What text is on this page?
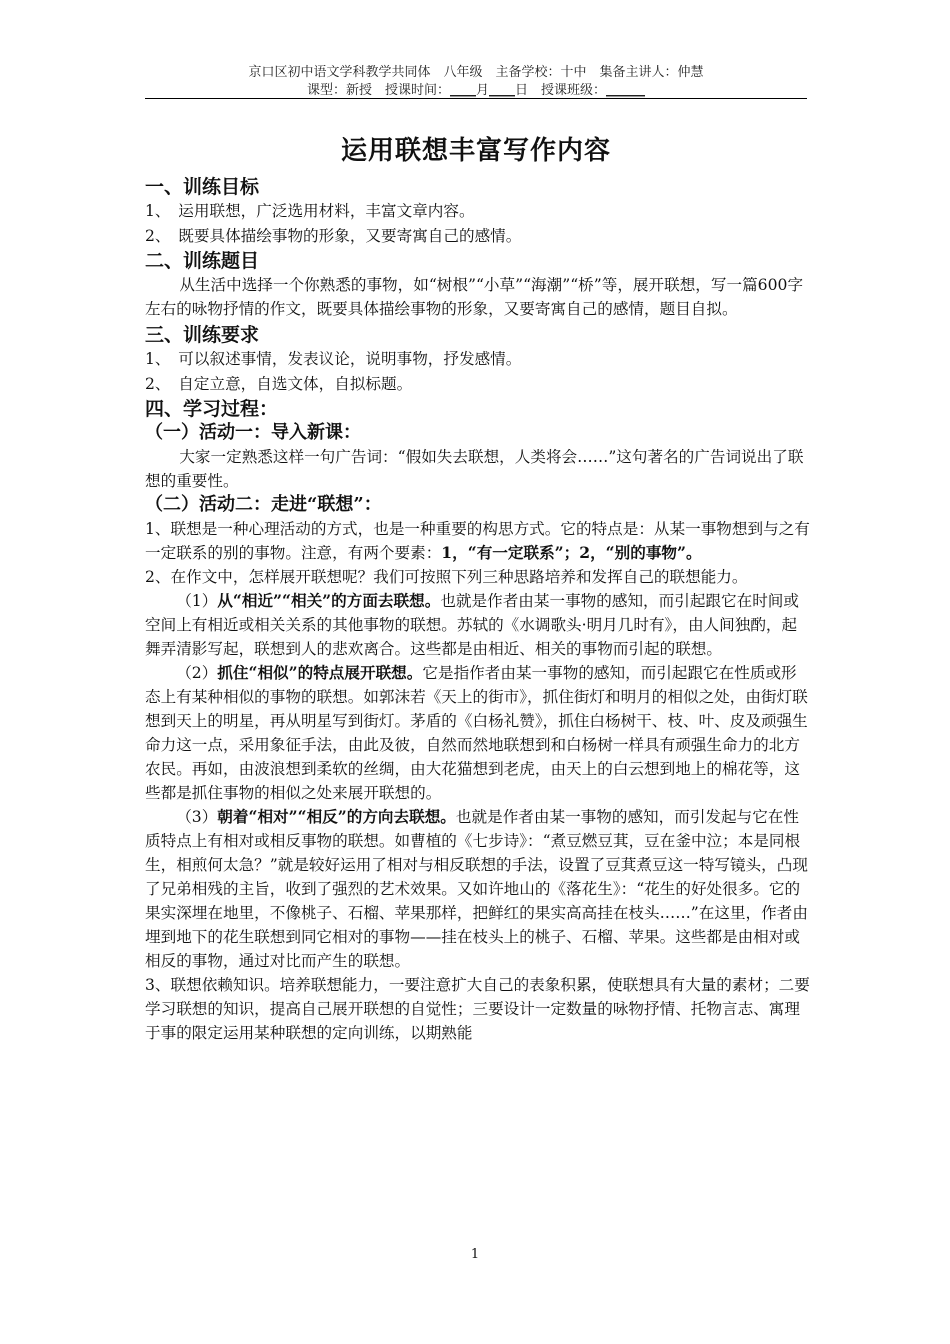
京口区初中语文学科教学共同体　八年级　主备学校：十中　集备主讲人：仲慧
课型：新授　授课时间：____月____日　授课班级：______
运用联想丰富写作内容
一、训练目标
1、　运用联想，广泛选用材料，丰富文章内容。
2、　既要具体描绘事物的形象，又要寄寓自己的感情。
二、训练题目
从生活中选择一个你熟悉的事物，如“树根”“小草”“海潮”“桥”等，展开联想，写一篇600字左右的咏物抒情的作文，既要具体描绘事物的形象，又要寄寓自己的感情，题目自拟。
三、训练要求
1、　可以叙述事情，发表议论，说明事物，抒发感情。
2、　自定立意，自选文体，自拟标题。
四、学习过程：
（一）活动一：导入新课：
大家一定熟悉这样一句广告词：“假如失去联想，人类将会……”这句著名的广告词说出了联想的重要性。
（二）活动二：走进“联想”：
1、联想是一种心理活动的方式，也是一种重要的构思方式。它的特点是：从某一事物想到与之有一定联系的别的事物。注意，有两个要素：1，“有一定联系”；2，“别的事物”。
2、在作文中，怎样展开联想呢？我们可按照下列三种思路培养和发挥自己的联想能力。
（1）从“相近”“相关”的方面去联想。也就是作者由某一事物的感知，而引起跟它在时间或空间上有相近或相关关系的其他事物的联想。苏轼的《水调歌头·明月几时有》，由人间独酌，起舞弄清影写起，联想到人的悲欢离合。这些都是由相近、相关的事物而引起的联想。
（2）抓住“相似”的特点展开联想。它是指作者由某一事物的感知，而引起跟它在性质或形态上有某种相似的事物的联想。如郭沫若《天上的街市》，抓住街灯和明月的相似之处，由街灯联想到天上的明星，再从明星写到街灯。茅盾的《白杨礼赞》，抓住白杨树干、枝、叶、皮及顽强生命力这一点，采用象征手法，由此及彼，自然而然地联想到和白杨树一样具有顽强生命力的北方农民。再如，由波浪想到柔软的丝绸，由大花猫想到老虎，由天上的白云想到地上的棉花等，这些都是抓住事物的相似之处来展开联想的。
（3）朝着“相对”“相反”的方向去联想。也就是作者由某一事物的感知，而引发起与它在性质特点上有相对或相反事物的联想。如曹植的《七步诗》：“煮豆燃豆萁，豆在釜中泣；本是同根生，相煎何太急？”就是较好运用了相对与相反联想的手法，设置了豆萁煮豆这一特写镜头，凸现了兄弟相残的主旨，收到了强烈的艺术效果。又如许地山的《落花生》：“花生的好处很多。它的果实深埋在地里，不像桃子、石榴、苹果那样，把鲜红的果实高高挂在枝头……”在这里，作者由埋到地下的花生联想到同它相对的事物——挂在枝头上的桃子、石榴、苹果。这些都是由相对或相反的事物，通过对比而产生的联想。
3、联想依赖知识。培养联想能力，一要注意扩大自己的表象积累，使联想具有大量的素材；二要学习联想的知识，提高自己展开联想的自觉性；三要设计一定数量的咏物抒情、托物言志、寓理于事的限定运用某种联想的定向训练，以期熟能
1
